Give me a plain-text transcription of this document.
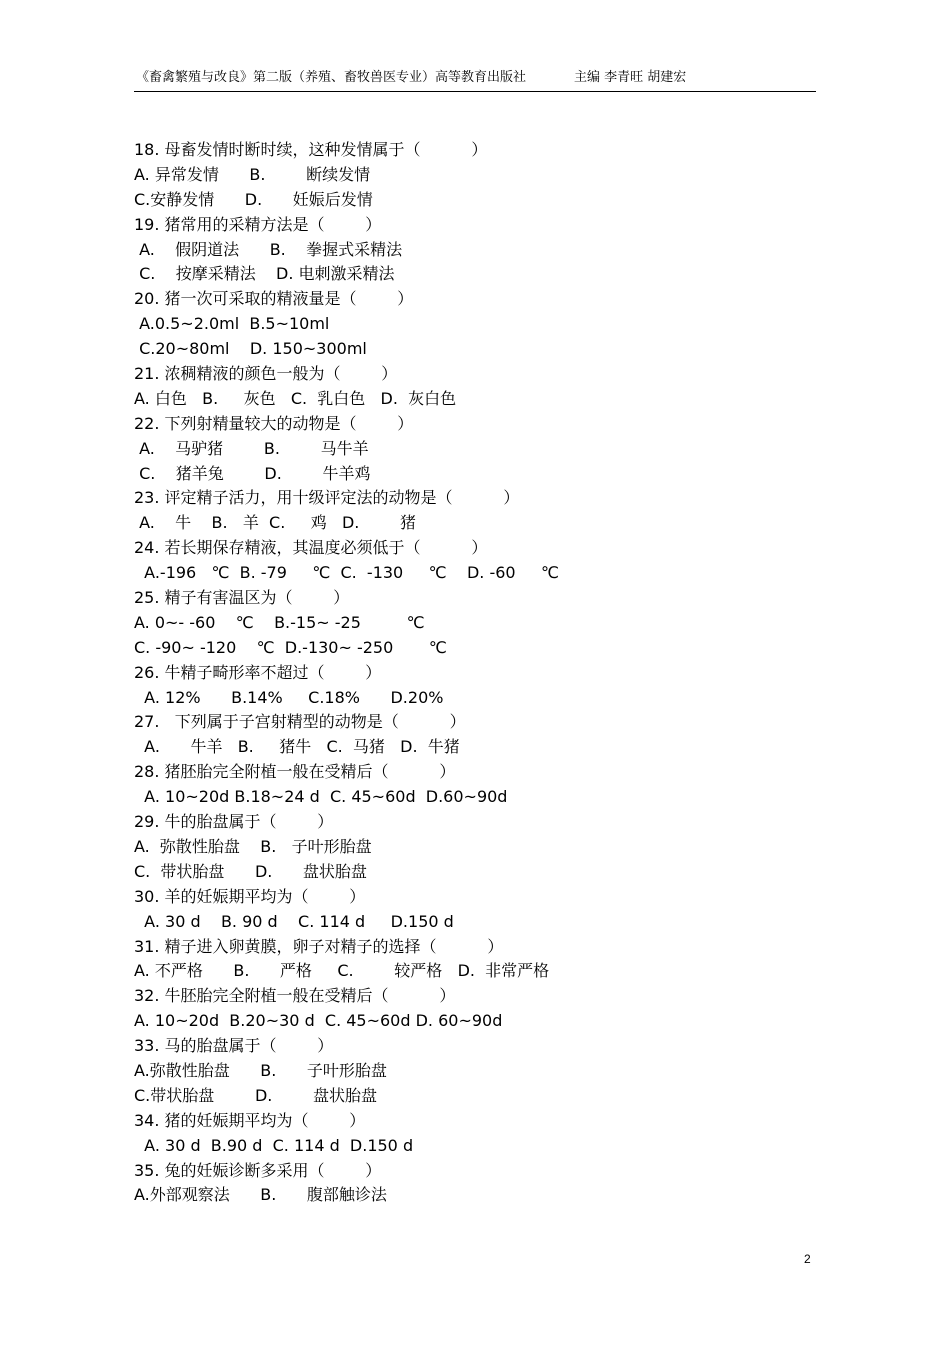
《畜禽繁殖与改良》第二版（养殖、畜牧兽医专业）高等教育出版社	主编 李青旺 胡建宏
18. 母畜发情时断时续，这种发情属于（          ）
A. 异常发情      B.        断续发情
C.安静发情      D.      妊娠后发情
19. 猪常用的采精方法是（        ）
A.    假阴道法      B.    拳握式采精法
C.    按摩采精法    D. 电刺激采精法
20. 猪一次可采取的精液量是（        ）
A.0.5~2.0ml  B.5~10ml
C.20~80ml    D. 150~300ml
21. 浓稠精液的颜色一般为（        ）
A. 白色   B.     灰色   C.  乳白色   D.  灰白色
22. 下列射精量较大的动物是（        ）
A.    马驴猪        B.        马牛羊
C.    猪羊兔        D.        牛羊鸡
23. 评定精子活力，用十级评定法的动物是（          ）
A.    牛    B.   羊  C.     鸡   D.        猪
24. 若长期保存精液，其温度必须低于（          ）
A.-196   ℃  B. -79     ℃  C.  -130     ℃    D. -60     ℃
25. 精子有害温区为（        ）
A. 0~- -60    ℃    B.-15~ -25         ℃
C. -90~ -120    ℃  D.-130~ -250       ℃
26. 牛精子畸形率不超过（        ）
A. 12%      B.14%     C.18%      D.20%
27.   下列属于子宫射精型的动物是（          ）
A.      牛羊   B.     猪牛   C.  马猪   D.  牛猪
28. 猪胚胎完全附植一般在受精后（          ）
A. 10~20d B.18~24 d  C. 45~60d  D.60~90d
29. 牛的胎盘属于（        ）
A.  弥散性胎盘    B.   子叶形胎盘
C.  带状胎盘      D.      盘状胎盘
30. 羊的妊娠期平均为（        ）
A. 30 d    B. 90 d    C. 114 d     D.150 d
31. 精子进入卵黄膜，卵子对精子的选择（          ）
A. 不严格      B.      严格     C.        较严格   D.  非常严格
32. 牛胚胎完全附植一般在受精后（          ）
A. 10~20d  B.20~30 d  C. 45~60d D. 60~90d
33. 马的胎盘属于（        ）
A.弥散性胎盘      B.      子叶形胎盘
C.带状胎盘        D.        盘状胎盘
34. 猪的妊娠期平均为（        ）
A. 30 d  B.90 d  C. 114 d  D.150 d
35. 兔的妊娠诊断多采用（        ）
A.外部观察法      B.      腹部触诊法
2
